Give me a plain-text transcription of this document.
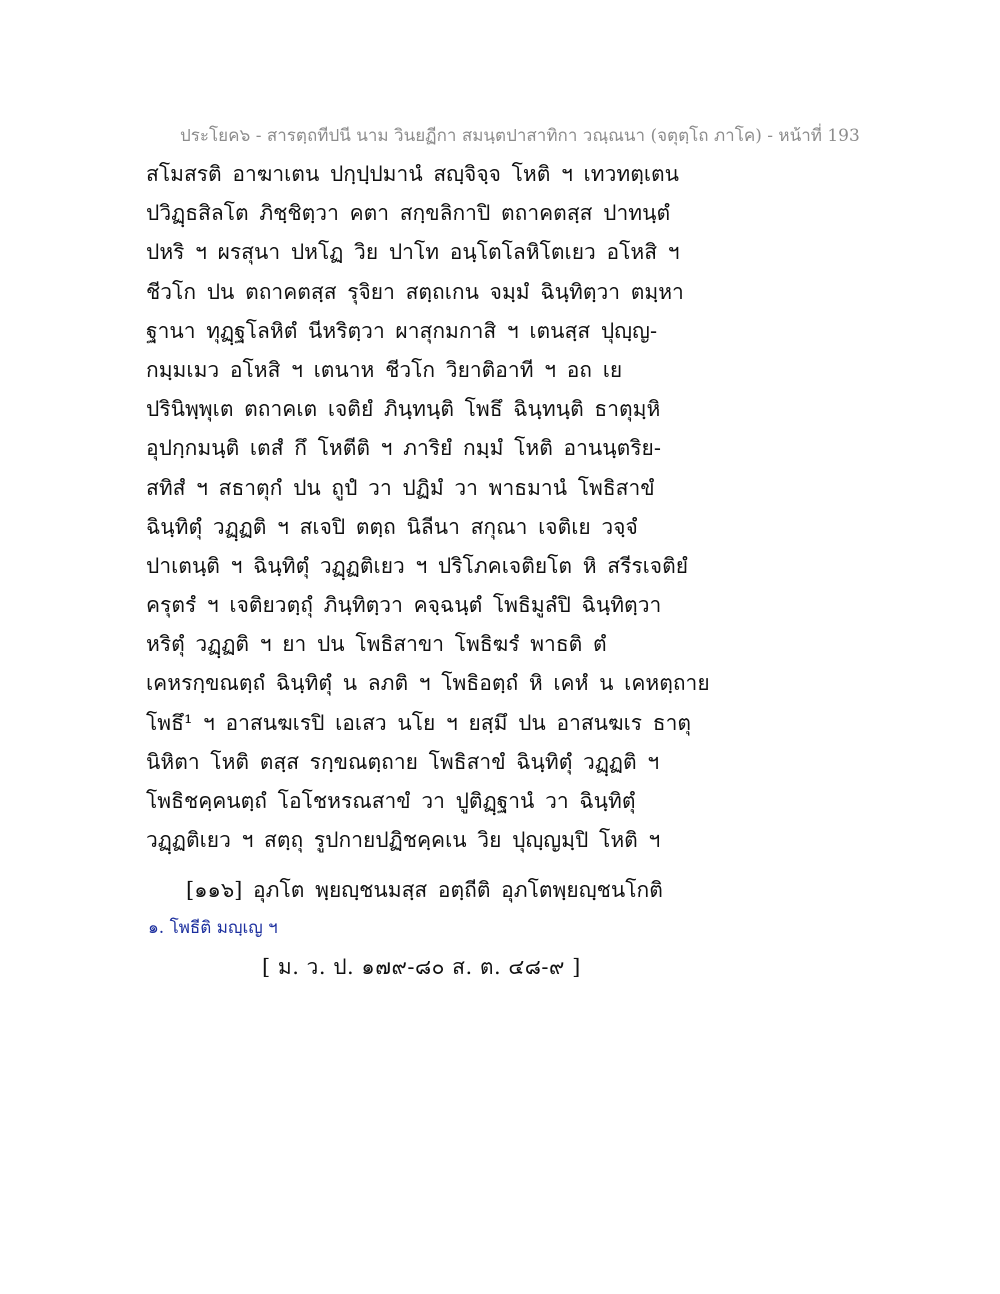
ประโยค๖ - สารตฺถทีปนี นาม วินยฏีกา สมนฺตปาสาทิกา วณฺณนา (จตุตฺโถ ภาโค) - หน้าที่ 193
สโมสรติ อาฆาเตน ปกฺปฺปมานํ สญฺจิจฺจ โหติ ฯ เทวทตฺเตน
ปวิฏฺธสิลโต ภิชฺชิตฺวา คตา สกฺขลิกาปิ ตถาคตสฺส ปาทนฺตํ
ปหริ ฯ ผรสุนา ปหโฏ วิย ปาโท อนฺโตโลหิโตเยว อโหสิ ฯ
ชีวโก ปน ตถาคตสฺส รุจิยา สตฺถเกน จมฺมํ ฉินฺทิตฺวา ตมฺหา
ฐานา ทุฏฺฐโลหิตํ นีหริตฺวา ผาสุกมกาสิ ฯ เตนสฺส ปุญฺญ-
กมฺมเมว อโหสิ ฯ เตนาห ชีวโก วิยาติอาที ฯ อถ เย
ปรินิพฺพุเต ตถาคเต เจติยํ ภินฺทนฺติ โพธึ ฉินฺทนฺติ ธาตุมฺหิ
อุปกฺกมนฺติ เตสํ กึ โหตีติ ฯ ภาริยํ กมฺมํ โหติ อานนฺตริย-
สทิสํ ฯ สธาตุกํ ปน ถูปํ วา ปฏิมํ วา พาธมานํ โพธิสาขํ
ฉินฺทิตุํ วฏฺฏติ ฯ สเจปิ ตตฺถ นิลีนา สกุณา เจติเย วจฺจํ
ปาเตนฺติ ฯ ฉินฺทิตุํ วฏฺฏติเยว ฯ ปริโภคเจติยโต หิ สรีรเจติยํ
ครุตรํ ฯ เจติยวตฺถุํ ภินฺทิตฺวา คจฺฉนฺตํ โพธิมูลํปิ ฉินฺทิตฺวา
หริตุํ วฏฺฏติ ฯ ยา ปน โพธิสาขา โพธิฆรํ พาธติ ตํ
เคหรกฺขณตฺถํ ฉินฺทิตุํ น ลภติ ฯ โพธิอตฺถํ หิ เคหํ น เคหตฺถาย
โพธึ¹ ฯ อาสนฆเรปิ เอเสว นโย ฯ ยสฺมึ ปน อาสนฆเร ธาตุ
นิหิตา โหติ ตสฺส รกฺขณตฺถาย โพธิสาขํ ฉินฺทิตุํ วฏฺฏติ ฯ
โพธิชคฺคนตฺถํ โอโชหรณสาขํ วา ปูติฏฺฐานํ วา ฉินฺทิตุํ
วฏฺฏติเยว ฯ สตฺถุ รูปกายปฏิชคฺคเน วิย ปุญฺญมฺปิ โหติ ฯ
[๑๑๖] อุภโต พฺยญฺชนมสฺส อตฺถีติ อุภโตพฺยญฺชนโกติ
๑. โพธีติ มญฺเญ ฯ
[ ม. ว. ป. ๑๗๙-๘๐ ส. ต. ๔๘-๙ ]
